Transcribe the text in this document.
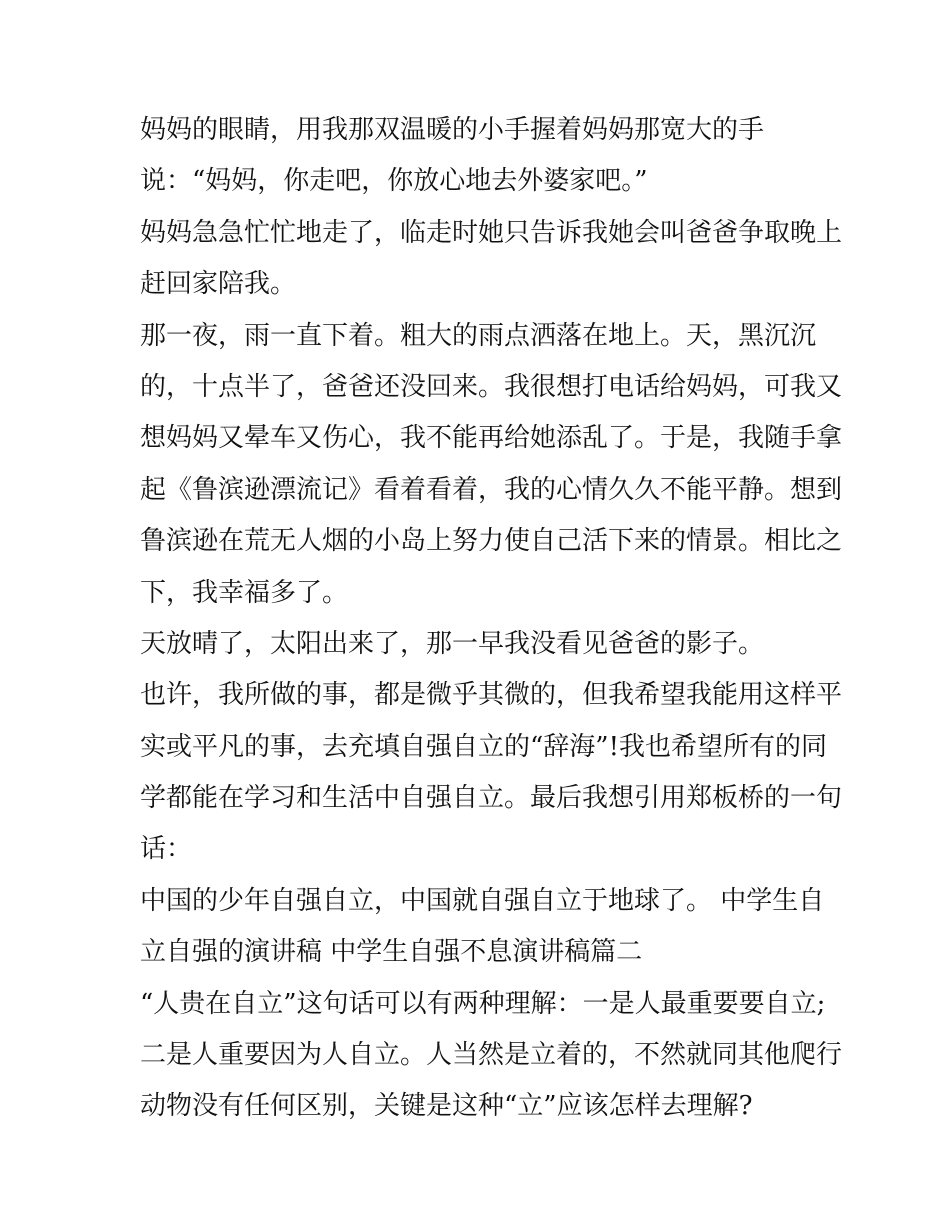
妈妈的眼睛，用我那双温暖的小手握着妈妈那宽大的手
说：“妈妈，你走吧，你放心地去外婆家吧。”
妈妈急急忙忙地走了，临走时她只告诉我她会叫爸爸争取晚上
赶回家陪我。
那一夜，雨一直下着。粗大的雨点洒落在地上。天，黑沉沉
的，十点半了，爸爸还没回来。我很想打电话给妈妈，可我又
想妈妈又晕车又伤心，我不能再给她添乱了。于是，我随手拿
起《鲁滨逊漂流记》看着看着，我的心情久久不能平静。想到
鲁滨逊在荒无人烟的小岛上努力使自己活下来的情景。相比之
下，我幸福多了。
天放晴了，太阳出来了，那一早我没看见爸爸的影子。
也许，我所做的事，都是微乎其微的，但我希望我能用这样平
实或平凡的事，去充填自强自立的“辞海”!我也希望所有的同
学都能在学习和生活中自强自立。最后我想引用郑板桥的一句
话：
中国的少年自强自立，中国就自强自立于地球了。 中学生自
立自强的演讲稿 中学生自强不息演讲稿篇二
“人贵在自立”这句话可以有两种理解：一是人最重要要自立;
二是人重要因为人自立。人当然是立着的，不然就同其他爬行
动物没有任何区别，关键是这种“立”应该怎样去理解?
